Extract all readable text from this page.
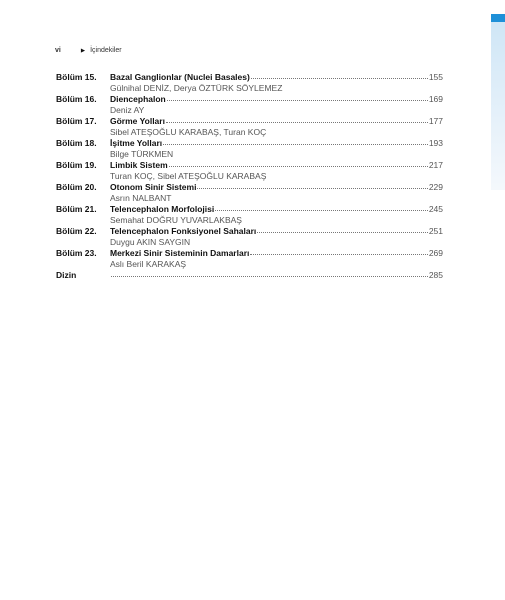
vi	▶ İçindekiler
Bölüm 15.	Bazal Ganglionlar (Nuclei Basales)	155
Gülnihal DENİZ, Derya ÖZTÜRK SÖYLEMEZ
Bölüm 16.	Diencephalon	169
Deniz AY
Bölüm 17.	Görme Yolları	177
Sibel ATEŞOĞLU KARABAŞ, Turan KOÇ
Bölüm 18.	İşitme Yolları	193
Bilge TÜRKMEN
Bölüm 19.	Limbik Sistem	217
Turan KOÇ, Sibel ATEŞOĞLU KARABAŞ
Bölüm 20.	Otonom Sinir Sistemi	229
Asrın NALBANT
Bölüm 21.	Telencephalon Morfolojisi	245
Semahat DOĞRU YUVARLAKBAŞ
Bölüm 22.	Telencephalon Fonksiyonel Sahaları	251
Duygu AKIN SAYGIN
Bölüm 23.	Merkezi Sinir Sisteminin Damarları	269
Aslı Beril KARAKAŞ
Dizin	285
